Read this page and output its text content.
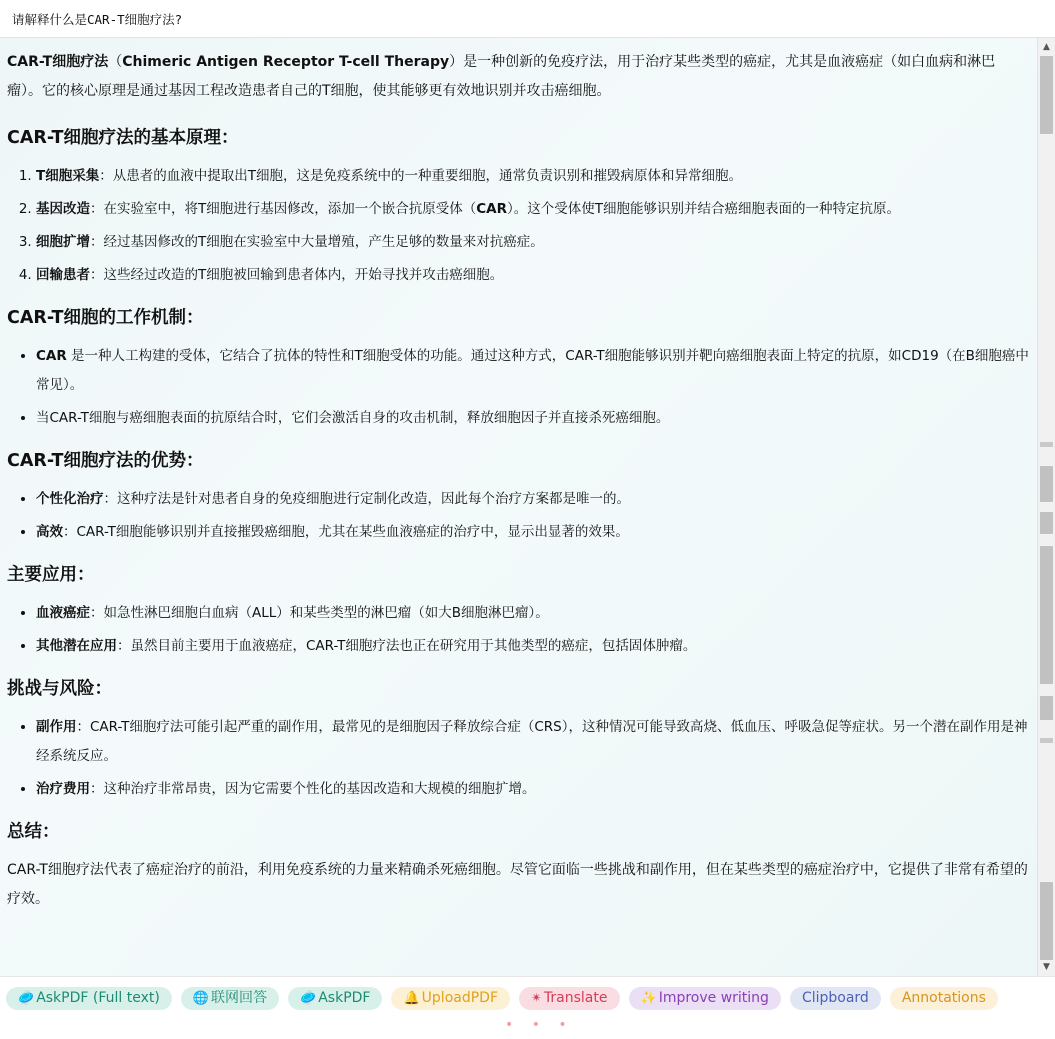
请解释什么是CAR-T细胞疗法?

CAR-T细胞疗法（Chimeric Antigen Receptor T-cell Therapy）是一种创新的免疫疗法，用于治疗某些类型的癌症，尤其是血液癌症（如白血病和淋巴瘤）。它的核心原理是通过基因工程改造患者自己的T细胞，使其能够更有效地识别并攻击癌细胞。

CAR-T细胞疗法的基本原理：
1. T细胞采集：从患者的血液中提取出T细胞，这是免疫系统中的一种重要细胞，通常负责识别和摧毁病原体和异常细胞。
2. 基因改造：在实验室中，将T细胞进行基因修改，添加一个嵌合抗原受体（CAR）。这个受体使T细胞能够识别并结合癌细胞表面的一种特定抗原。
3. 细胞扩增：经过基因修改的T细胞在实验室中大量增殖，产生足够的数量来对抗癌症。
4. 回输患者：这些经过改造的T细胞被回输到患者体内，开始寻找并攻击癌细胞。
CAR-T细胞的工作机制：
• CAR 是一种人工构建的受体，它结合了抗体的特性和T细胞受体的功能。通过这种方式，CAR-T细胞能够识别并靶向癌细胞表面上特定的抗原，如CD19（在B细胞癌中常见）。
• 当CAR-T细胞与癌细胞表面的抗原结合时，它们会激活自身的攻击机制，释放细胞因子并直接杀死癌细胞。
CAR-T细胞疗法的优势：
• 个性化治疗：这种疗法是针对患者自身的免疫细胞进行定制化改造，因此每个治疗方案都是唯一的。
• 高效：CAR-T细胞能够识别并直接摧毁癌细胞，尤其在某些血液癌症的治疗中，显示出显著的效果。
主要应用：
• 血液癌症：如急性淋巴细胞白血病（ALL）和某些类型的淋巴瘤（如大B细胞淋巴瘤）。
• 其他潜在应用：虽然目前主要用于血液癌症，CAR-T细胞疗法也正在研究用于其他类型的癌症，包括固体肿瘤。
挑战与风险：
• 副作用：CAR-T细胞疗法可能引起严重的副作用，最常见的是细胞因子释放综合症（CRS），这种情况可能导致高烧、低血压、呼吸急促等症状。另一个潜在副作用是神经系统反应。
• 治疗费用：这种治疗非常昂贵，因为它需要个性化的基因改造和大规模的细胞扩增。
总结：

CAR-T细胞疗法代表了癌症治疗的前沿，利用免疫系统的力量来精确杀死癌细胞。尽管它面临一些挑战和副作用，但在某些类型的癌症治疗中，它提供了非常有希望的疗效。

▲
▼
🥏 AskPDF (Full text)	🌐 联网回答	🥏 AskPDF	🔔 UploadPDF	✴ Translate	✨ Improve writing Clipboard Annotations
• • •
